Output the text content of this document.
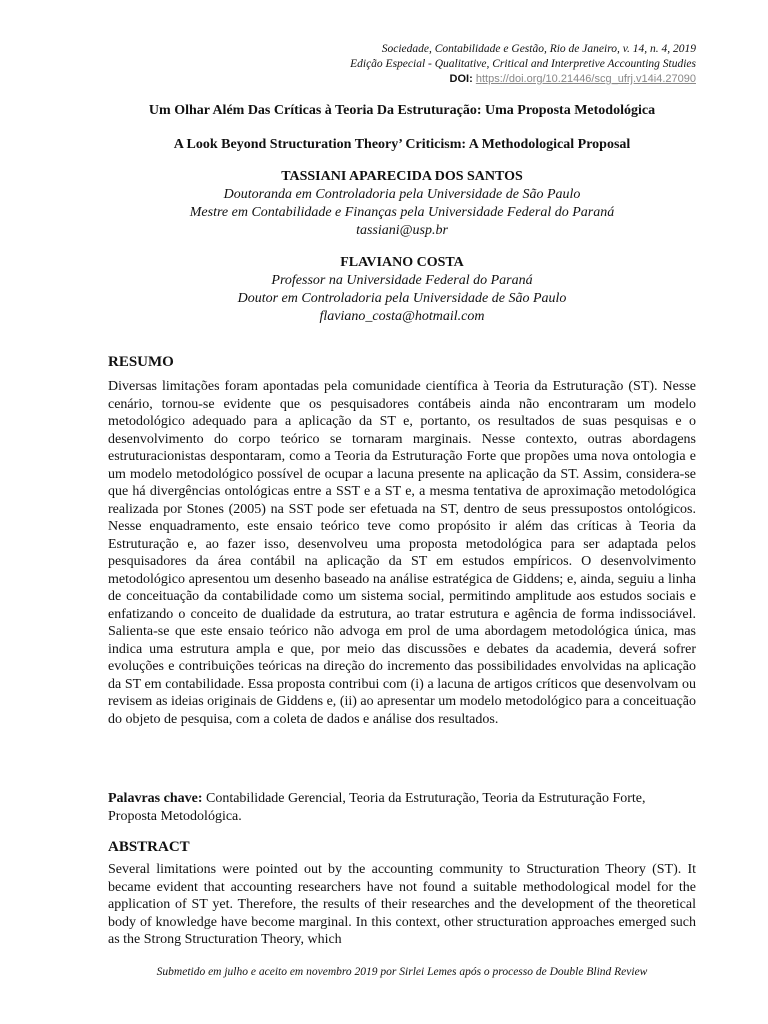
Sociedade, Contabilidade e Gestão, Rio de Janeiro, v. 14, n. 4, 2019
Edição Especial - Qualitative, Critical and Interpretive Accounting Studies
DOI: https://doi.org/10.21446/scg_ufrj.v14i4.27090
Um Olhar Além Das Críticas à Teoria Da Estruturação: Uma Proposta Metodológica
A Look Beyond Structuration Theory’ Criticism: A Methodological Proposal
TASSIANI APARECIDA DOS SANTOS
Doutoranda em Controladoria pela Universidade de São Paulo
Mestre em Contabilidade e Finanças pela Universidade Federal do Paraná
tassiani@usp.br
FLAVIANO COSTA
Professor na Universidade Federal do Paraná
Doutor em Controladoria pela Universidade de São Paulo
flaviano_costa@hotmail.com
RESUMO

Diversas limitações foram apontadas pela comunidade científica à Teoria da Estruturação (ST). Nesse cenário, tornou-se evidente que os pesquisadores contábeis ainda não encontraram um modelo metodológico adequado para a aplicação da ST e, portanto, os resultados de suas pesquisas e o desenvolvimento do corpo teórico se tornaram marginais. Nesse contexto, outras abordagens estruturacionistas despontaram, como a Teoria da Estruturação Forte que propões uma nova ontologia e um modelo metodológico possível de ocupar a lacuna presente na aplicação da ST. Assim, considera-se que há divergências ontológicas entre a SST e a ST e, a mesma tentativa de aproximação metodológica realizada por Stones (2005) na SST pode ser efetuada na ST, dentro de seus pressupostos ontológicos. Nesse enquadramento, este ensaio teórico teve como propósito ir além das críticas à Teoria da Estruturação e, ao fazer isso, desenvolveu uma proposta metodológica para ser adaptada pelos pesquisadores da área contábil na aplicação da ST em estudos empíricos. O desenvolvimento metodológico apresentou um desenho baseado na análise estratégica de Giddens; e, ainda, seguiu a linha de conceituação da contabilidade como um sistema social, permitindo amplitude aos estudos sociais e enfatizando o conceito de dualidade da estrutura, ao tratar estrutura e agência de forma indissociável. Salienta-se que este ensaio teórico não advoga em prol de uma abordagem metodológica única, mas indica uma estrutura ampla e que, por meio das discussões e debates da academia, deverá sofrer evoluções e contribuições teóricas na direção do incremento das possibilidades envolvidas na aplicação da ST em contabilidade. Essa proposta contribui com (i) a lacuna de artigos críticos que desenvolvam ou revisem as ideias originais de Giddens e, (ii) ao apresentar um modelo metodológico para a conceituação do objeto de pesquisa, com a coleta de dados e análise dos resultados.

Palavras chave: Contabilidade Gerencial, Teoria da Estruturação, Teoria da Estruturação Forte, Proposta Metodológica.

ABSTRACT

Several limitations were pointed out by the accounting community to Structuration Theory (ST). It became evident that accounting researchers have not found a suitable methodological model for the application of ST yet. Therefore, the results of their researches and the development of the theoretical body of knowledge have become marginal. In this context, other structuration approaches emerged such as the Strong Structuration Theory, which

Submetido em julho e aceito em novembro 2019 por Sirlei Lemes após o processo de Double Blind Review
